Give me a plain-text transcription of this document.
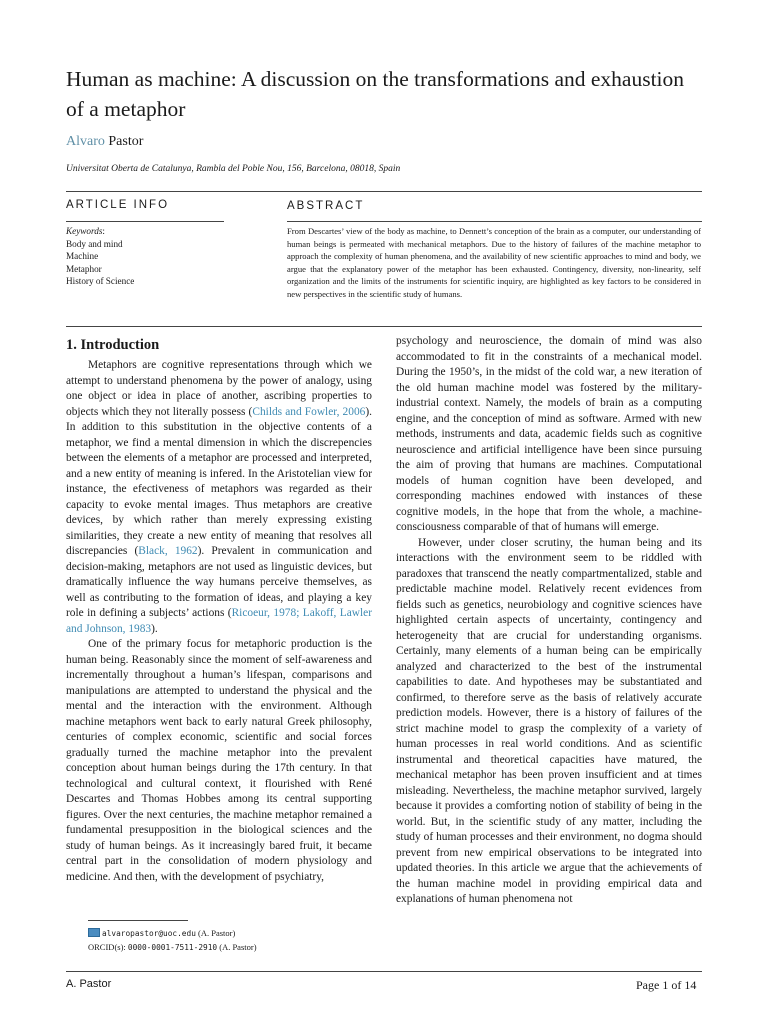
Human as machine: A discussion on the transformations and exhaustion of a metaphor
Alvaro Pastor
Universitat Oberta de Catalunya, Rambla del Poble Nou, 156, Barcelona, 08018, Spain
ARTICLE INFO	ABSTRACT
Keywords:
Body and mind
Machine
Metaphor
History of Science
From Descartes’ view of the body as machine, to Dennett’s conception of the brain as a computer, our understanding of human beings is permeated with mechanical metaphors. Due to the history of failures of the machine metaphor to approach the complexity of human phenomena, and the availability of new scientific approaches to mind and body, we argue that the explanatory power of the metaphor has been exhausted. Contingency, diversity, non-linearity, self organization and the limits of the instruments for scientific inquiry, are highlighted as key factors to be considered in new perspectives in the scientific study of humans.
1. Introduction

Metaphors are cognitive representations through which we attempt to understand phenomena by the power of analogy, using one object or idea in place of another, ascribing properties to objects which they not literally possess (Childs and Fowler, 2006). In addition to this substitution in the objective contents of a metaphor, we find a mental dimension in which the discrepencies between the elements of a metaphor are processed and interpreted, and a new entity of meaning is infered. In the Aristotelian view for instance, the efectiveness of metaphors was regarded as their capacity to evoke mental images. Thus metaphors are creative devices, by which rather than merely expressing existing similarities, they create a new entity of meaning that resolves all discrepancies (Black, 1962). Prevalent in communication and decision-making, metaphors are not used as linguistic devices, but dramatically influence the way humans perceive themselves, as well as contributing to the formation of ideas, and playing a key role in defining a subjects’ actions (Ricoeur, 1978; Lakoff, Lawler and Johnson, 1983).

One of the primary focus for metaphoric production is the human being. Reasonably since the moment of self-awareness and incrementally throughout a human’s lifespan, comparisons and manipulations are attempted to understand the physical and the mental and the interaction with the environment. Although machine metaphors went back to early natural Greek philosophy, centuries of complex economic, scientific and social forces gradually turned the machine metaphor into the prevalent conception about human beings during the 17th century. In that technological and cultural context, it flourished with René Descartes and Thomas Hobbes among its central supporting figures. Over the next centuries, the machine metaphor remained a fundamental presupposition in the biological sciences and the study of human beings. As it increasingly bared fruit, it became central part in the consolidation of modern physiology and medicine. And then, with the development of psychiatry,

psychology and neuroscience, the domain of mind was also accommodated to fit in the constraints of a mechanical model. During the 1950’s, in the midst of the cold war, a new iteration of the old human machine model was fostered by the military-industrial context. Namely, the models of brain as a computing engine, and the conception of mind as software. Armed with new methods, instruments and data, academic fields such as cognitive neuroscience and artificial intelligence have been since pursuing the aim of proving that humans are machines. Computational models of human cognition have been developed, and corresponding machines endowed with instances of these cognitive models, in the hope that from the whole, a machine-consciousness comparable of that of humans will emerge.

However, under closer scrutiny, the human being and its interactions with the environment seem to be riddled with paradoxes that transcend the neatly compartmentalized, stable and predictable machine model. Relatively recent evidences from fields such as genetics, neurobiology and cognitive sciences have highlighted certain aspects of uncertainty, contingency and heterogeneity that are crucial for understanding organisms. Certainly, many elements of a human being can be empirically analyzed and characterized to the best of the instrumental capabilities to date. And hypotheses may be substantiated and confirmed, to therefore serve as the basis of relatively accurate prediction models. However, there is a history of failures of the strict machine model to grasp the complexity of a variety of human processes in real world conditions. And as scientific instrumental and theoretical capacities have matured, the mechanical metaphor has been proven insufficient and at times misleading. Nevertheless, the machine metaphor survived, largely because it provides a comforting notion of stability of being in the world. But, in the scientific study of any matter, including the study of human processes and their environment, no dogma should prevent from new empirical observations to be integrated into updated theories. In this article we argue that the achievements of the human machine model in providing empirical data and explanations of human phenomena not

alvaropastor@uoc.edu (A. Pastor)
ORCID(s): 0000-0001-7511-2910 (A. Pastor)
A. Pastor	Page 1 of 14
